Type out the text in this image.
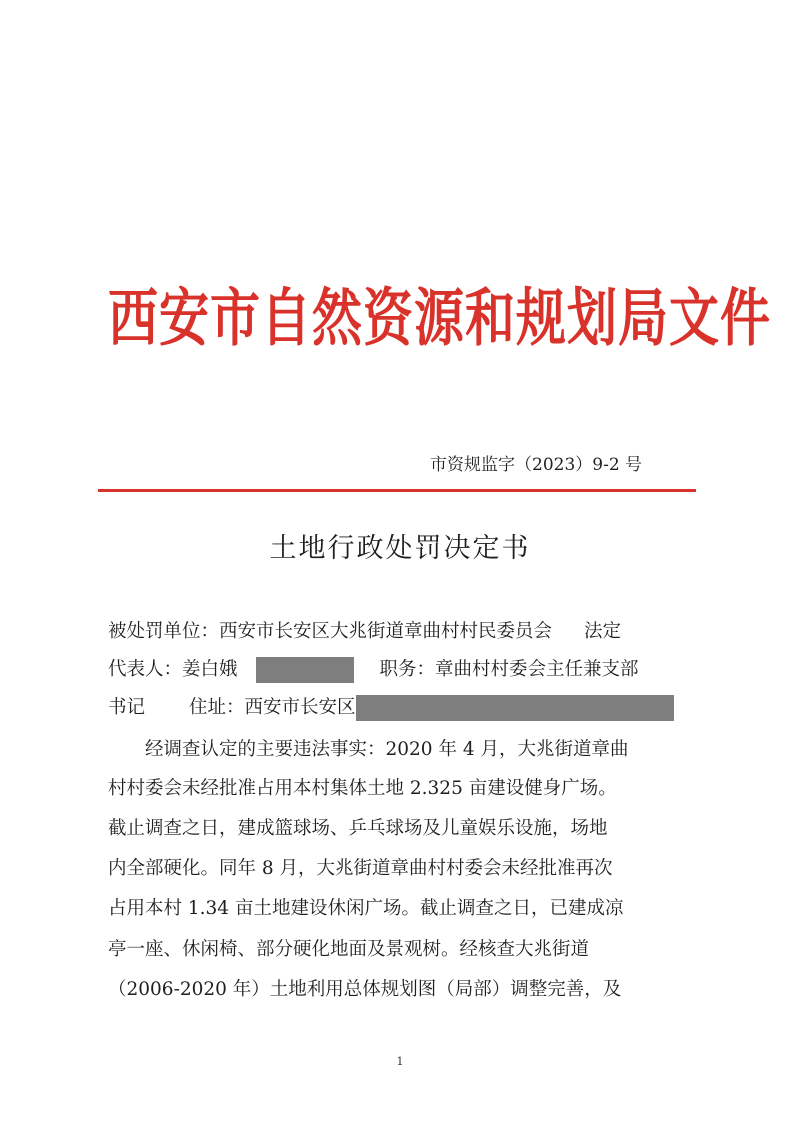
西安市自然资源和规划局文件
市资规监字（2023）9-2 号
土地行政处罚决定书
被处罚单位：西安市长安区大兆街道章曲村村民委员会 法定
代表人：姜白娥	职务：章曲村村委会主任兼支部
书记 住址：西安市长安区
经调查认定的主要违法事实：2020 年 4 月，大兆街道章曲
村村委会未经批准占用本村集体土地 2.325 亩建设健身广场。
截止调查之日，建成篮球场、乒乓球场及儿童娱乐设施，场地
内全部硬化。同年 8 月，大兆街道章曲村村委会未经批准再次
占用本村 1.34 亩土地建设休闲广场。截止调查之日，已建成凉
亭一座、休闲椅、部分硬化地面及景观树。经核查大兆街道
（2006-2020 年）土地利用总体规划图（局部）调整完善，及
1
